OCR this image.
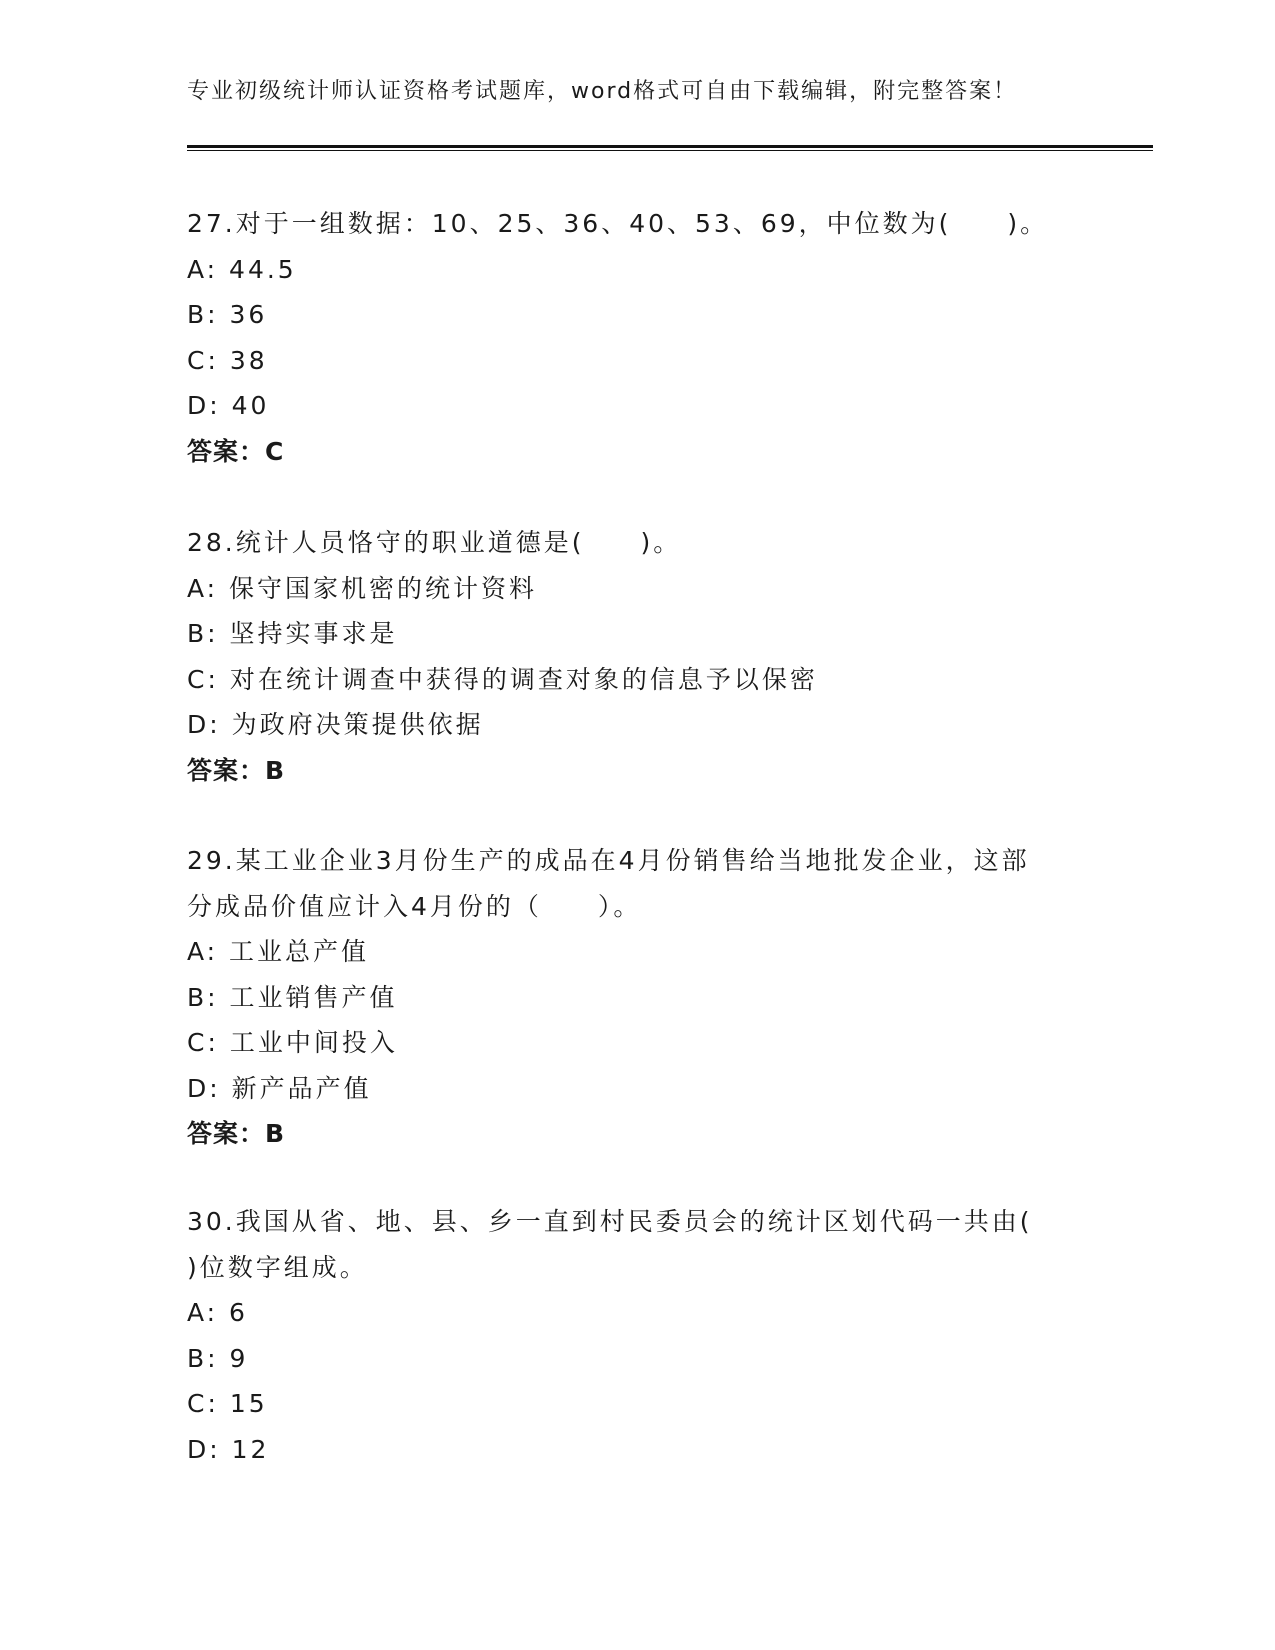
专业初级统计师认证资格考试题库，word格式可自由下载编辑，附完整答案！
27.对于一组数据：10、25、36、40、53、69，中位数为(　　)。
A: 44.5
B: 36
C: 38
D: 40
答案：C
28.统计人员恪守的职业道德是(　　)。
A: 保守国家机密的统计资料
B: 坚持实事求是
C: 对在统计调查中获得的调查对象的信息予以保密
D: 为政府决策提供依据
答案：B
29.某工业企业3月份生产的成品在4月份销售给当地批发企业，这部
分成品价值应计入4月份的（　　）。
A: 工业总产值
B: 工业销售产值
C: 工业中间投入
D: 新产品产值
答案：B
30.我国从省、地、县、乡一直到村民委员会的统计区划代码一共由(
)位数字组成。
A: 6
B: 9
C: 15
D: 12
